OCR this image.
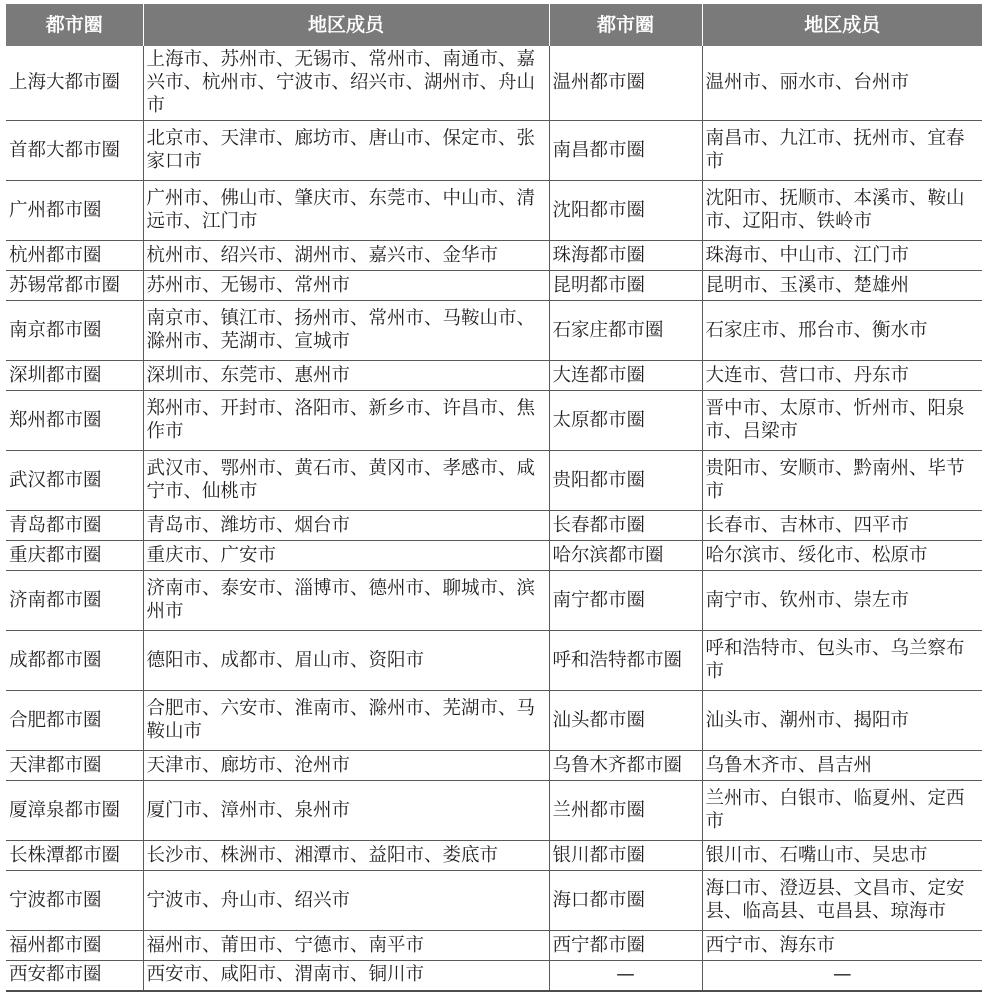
都市圈	地区成员	都市圈	地区成员
上海大都市圈	上海市、苏州市、无锡市、常州市、南通市、嘉兴市、杭州市、宁波市、绍兴市、湖州市、舟山市	温州都市圈	温州市、丽水市、台州市
首都大都市圈	北京市、天津市、廊坊市、唐山市、保定市、张家口市	南昌都市圈	南昌市、九江市、抚州市、宜春市
广州都市圈	广州市、佛山市、肇庆市、东莞市、中山市、清远市、江门市	沈阳都市圈	沈阳市、抚顺市、本溪市、鞍山市、辽阳市、铁岭市
杭州都市圈	杭州市、绍兴市、湖州市、嘉兴市、金华市	珠海都市圈	珠海市、中山市、江门市
苏锡常都市圈	苏州市、无锡市、常州市	昆明都市圈	昆明市、玉溪市、楚雄州
南京都市圈	南京市、镇江市、扬州市、常州市、马鞍山市、滁州市、芜湖市、宣城市	石家庄都市圈	石家庄市、邢台市、衡水市
深圳都市圈	深圳市、东莞市、惠州市	大连都市圈	大连市、营口市、丹东市
郑州都市圈	郑州市、开封市、洛阳市、新乡市、许昌市、焦作市	太原都市圈	晋中市、太原市、忻州市、阳泉市、吕梁市
武汉都市圈	武汉市、鄂州市、黄石市、黄冈市、孝感市、咸宁市、仙桃市	贵阳都市圈	贵阳市、安顺市、黔南州、毕节市
青岛都市圈	青岛市、潍坊市、烟台市	长春都市圈	长春市、吉林市、四平市
重庆都市圈	重庆市、广安市	哈尔滨都市圈	哈尔滨市、绥化市、松原市
济南都市圈	济南市、泰安市、淄博市、德州市、聊城市、滨州市	南宁都市圈	南宁市、钦州市、崇左市
成都都市圈	德阳市、成都市、眉山市、资阳市	呼和浩特都市圈	呼和浩特市、包头市、乌兰察布市
合肥都市圈	合肥市、六安市、淮南市、滁州市、芜湖市、马鞍山市	汕头都市圈	汕头市、潮州市、揭阳市
天津都市圈	天津市、廊坊市、沧州市	乌鲁木齐都市圈	乌鲁木齐市、昌吉州
厦漳泉都市圈	厦门市、漳州市、泉州市	兰州都市圈	兰州市、白银市、临夏州、定西市
长株潭都市圈	长沙市、株洲市、湘潭市、益阳市、娄底市	银川都市圈	银川市、石嘴山市、吴忠市
宁波都市圈	宁波市、舟山市、绍兴市	海口都市圈	海口市、澄迈县、文昌市、定安县、临高县、屯昌县、琼海市
福州都市圈	福州市、莆田市、宁德市、南平市	西宁都市圈	西宁市、海东市
西安都市圈	西安市、咸阳市、渭南市、铜川市	—	—
